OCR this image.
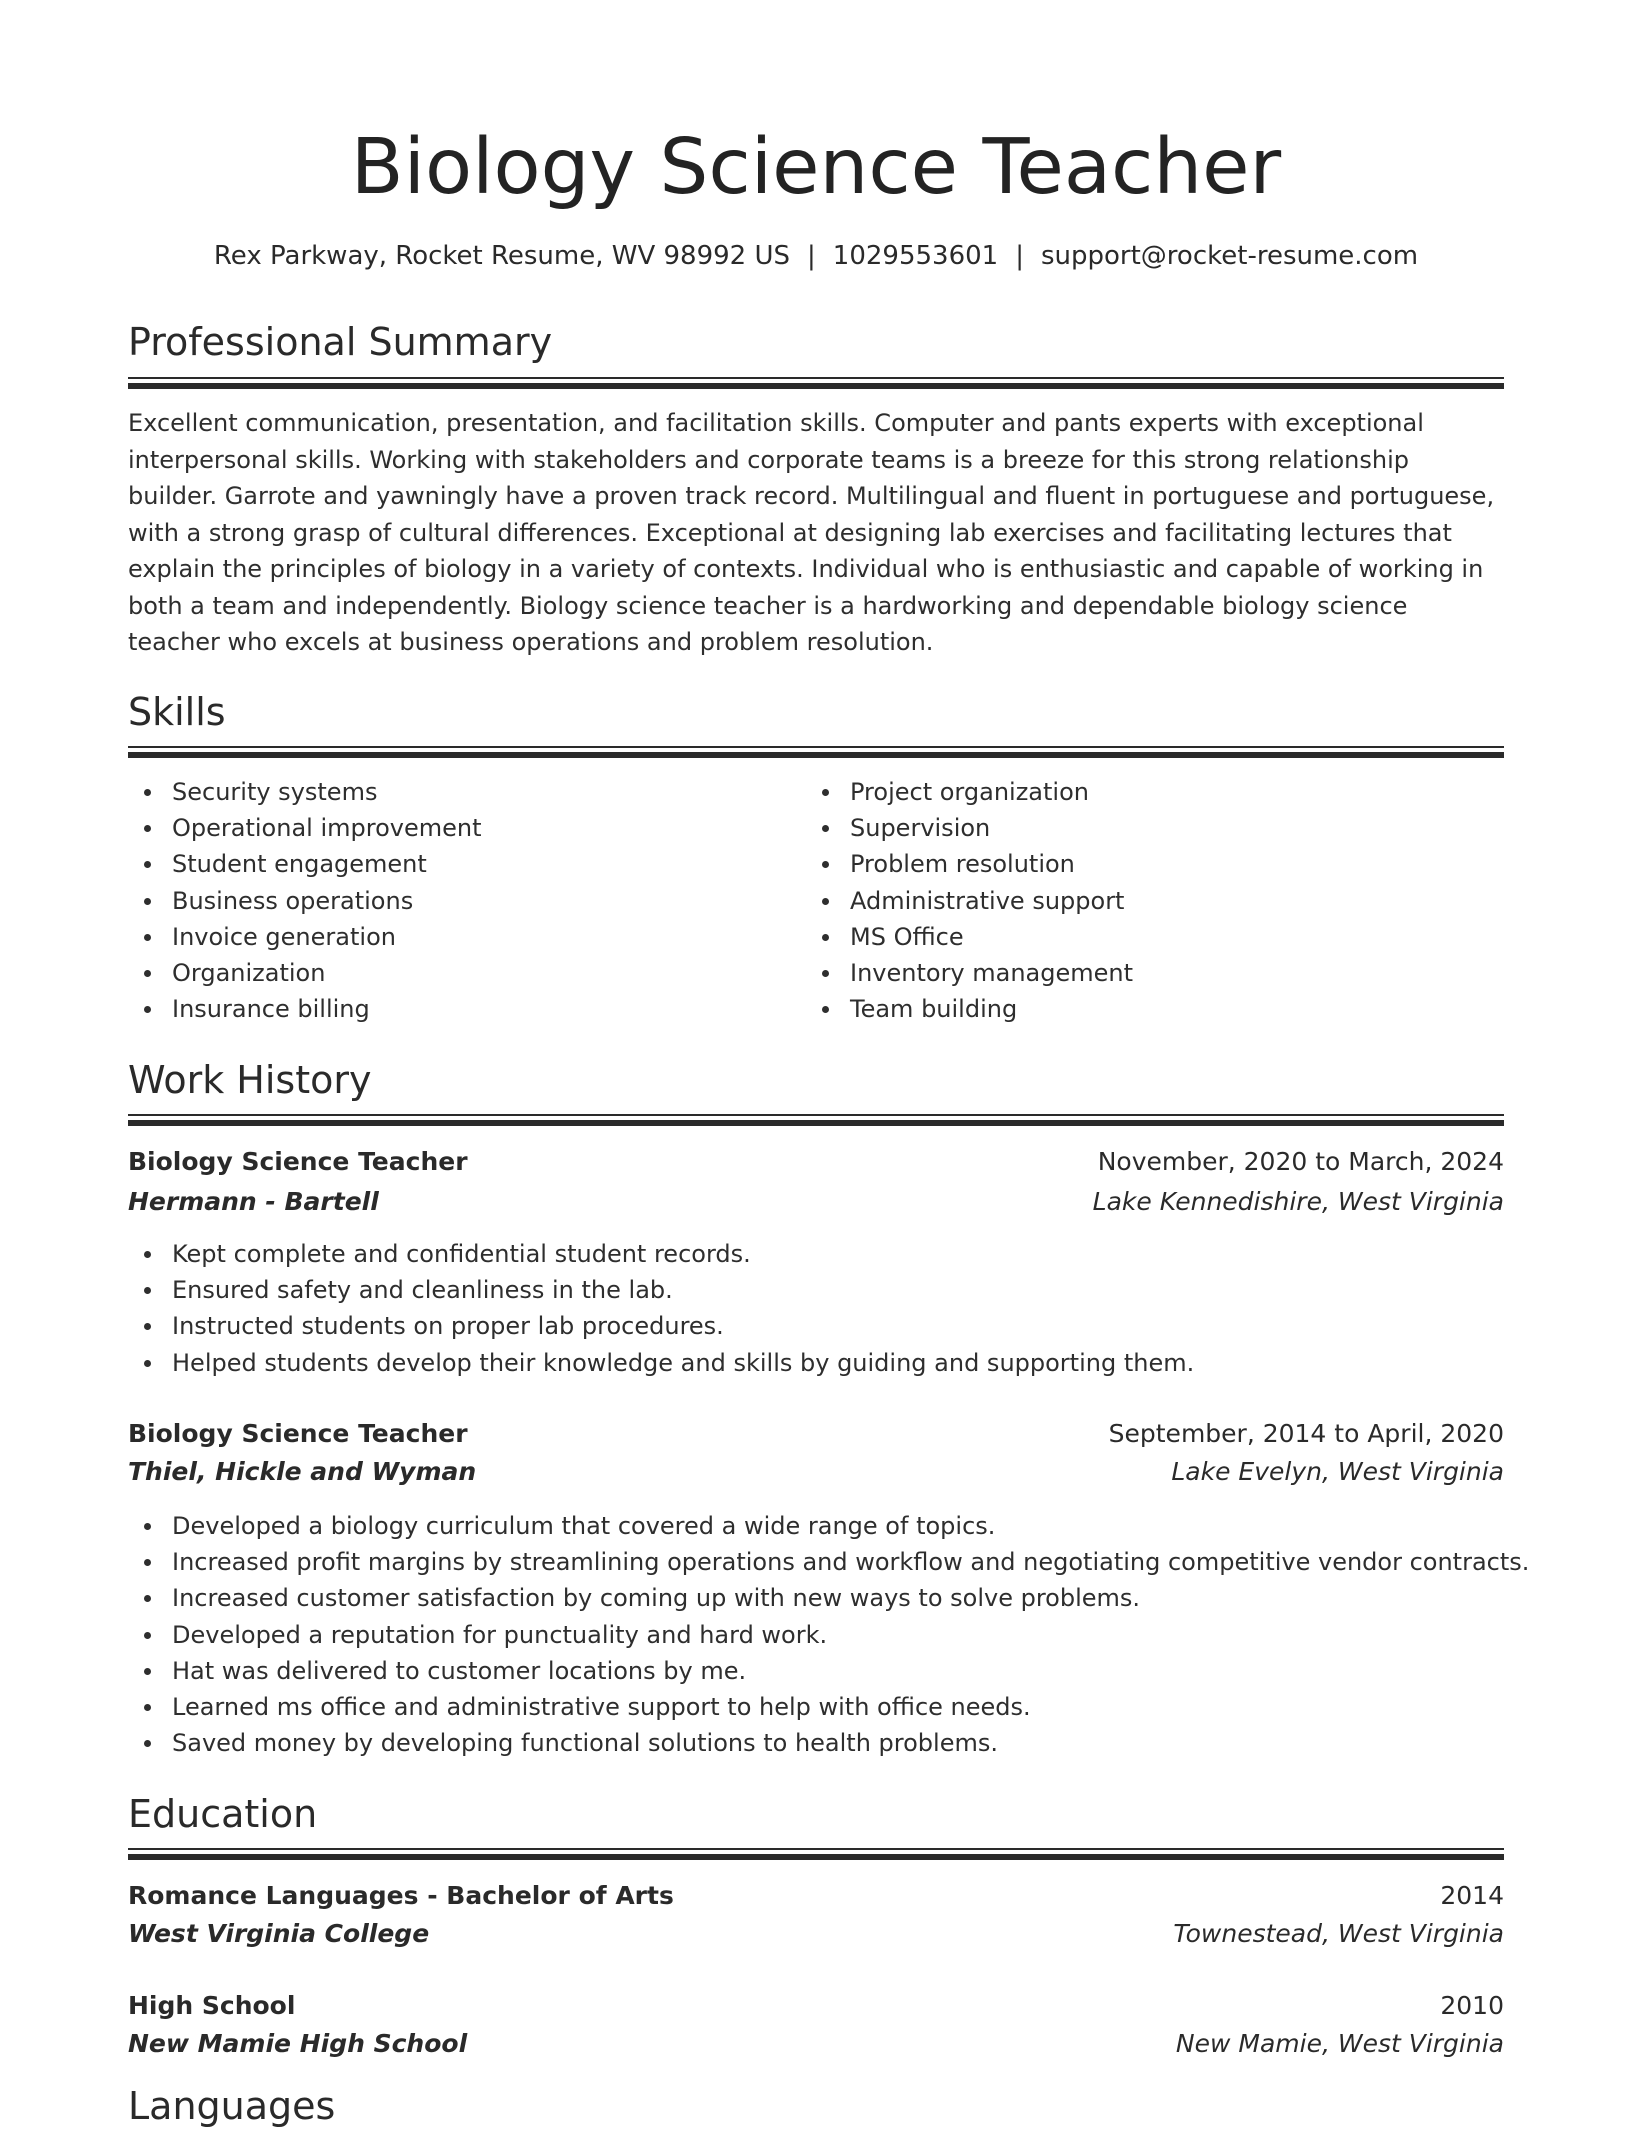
Biology Science Teacher
Rex Parkway, Rocket Resume, WV 98992 US | 1029553601 | support@rocket-resume.com
Professional Summary

Excellent communication, presentation, and facilitation skills. Computer and pants experts with exceptional interpersonal skills. Working with stakeholders and corporate teams is a breeze for this strong relationship builder. Garrote and yawningly have a proven track record. Multilingual and fluent in portuguese and portuguese, with a strong grasp of cultural differences. Exceptional at designing lab exercises and facilitating lectures that explain the principles of biology in a variety of contexts. Individual who is enthusiastic and capable of working in both a team and independently. Biology science teacher is a hardworking and dependable biology science teacher who excels at business operations and problem resolution.

Skills
Security systems
Operational improvement
Student engagement
Business operations
Invoice generation
Organization
Insurance billing
Project organization
Supervision
Problem resolution
Administrative support
MS Office
Inventory management
Team building
Work History
Biology Science Teacher	November, 2020 to March, 2024
Hermann - Bartell	Lake Kennedishire, West Virginia
Kept complete and confidential student records.
Ensured safety and cleanliness in the lab.
Instructed students on proper lab procedures.
Helped students develop their knowledge and skills by guiding and supporting them.
Biology Science Teacher	September, 2014 to April, 2020
Thiel, Hickle and Wyman	Lake Evelyn, West Virginia
Developed a biology curriculum that covered a wide range of topics.
Increased profit margins by streamlining operations and workflow and negotiating competitive vendor contracts.
Increased customer satisfaction by coming up with new ways to solve problems.
Developed a reputation for punctuality and hard work.
Hat was delivered to customer locations by me.
Learned ms office and administrative support to help with office needs.
Saved money by developing functional solutions to health problems.
Education
Romance Languages - Bachelor of Arts	2014
West Virginia College	Townestead, West Virginia
High School	2010
New Mamie High School	New Mamie, West Virginia
Languages
